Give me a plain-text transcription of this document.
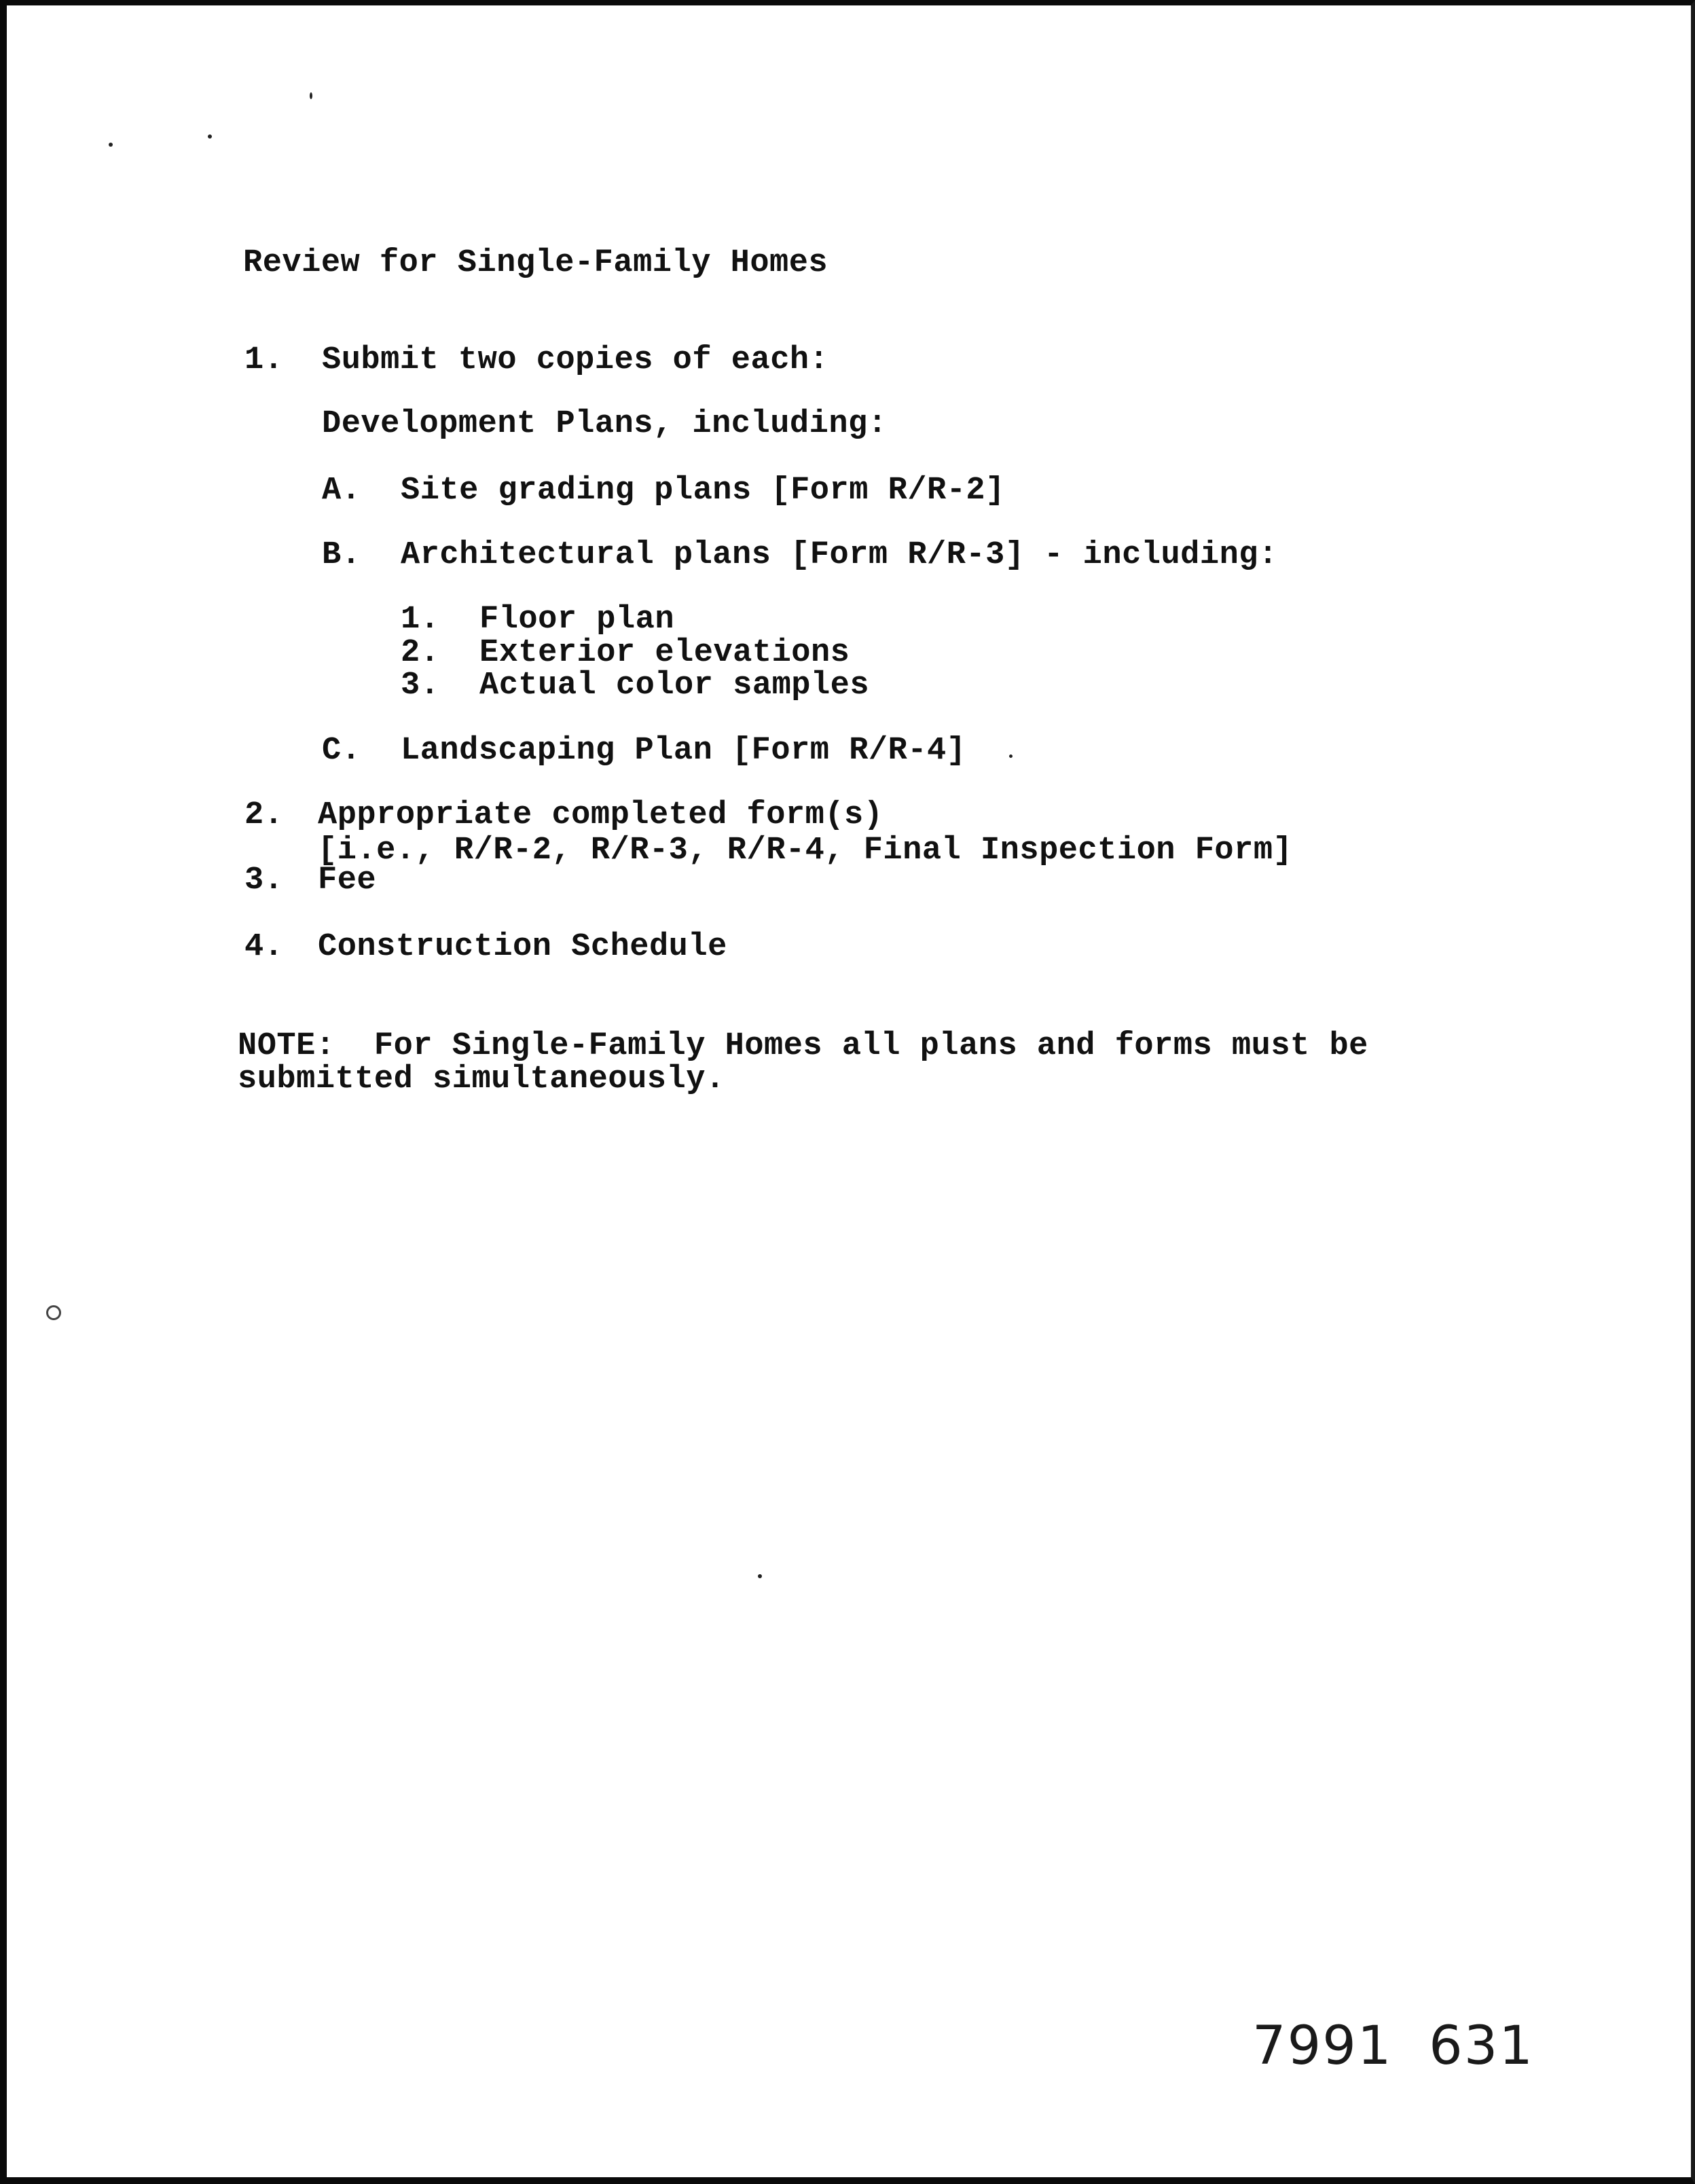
Review for Single-Family Homes
1. Submit two copies of each:
Development Plans, including:
A. Site grading plans [Form R/R-2]
B. Architectural plans [Form R/R-3] - including:
1. Floor plan
2. Exterior elevations
3. Actual color samples
C. Landscaping Plan [Form R/R-4]
2. Appropriate completed form(s)
[i.e., R/R-2, R/R-3, R/R-4, Final Inspection Form]
3. Fee
4. Construction Schedule
NOTE:  For Single-Family Homes all plans and forms must be
submitted simultaneously.
7991  631
